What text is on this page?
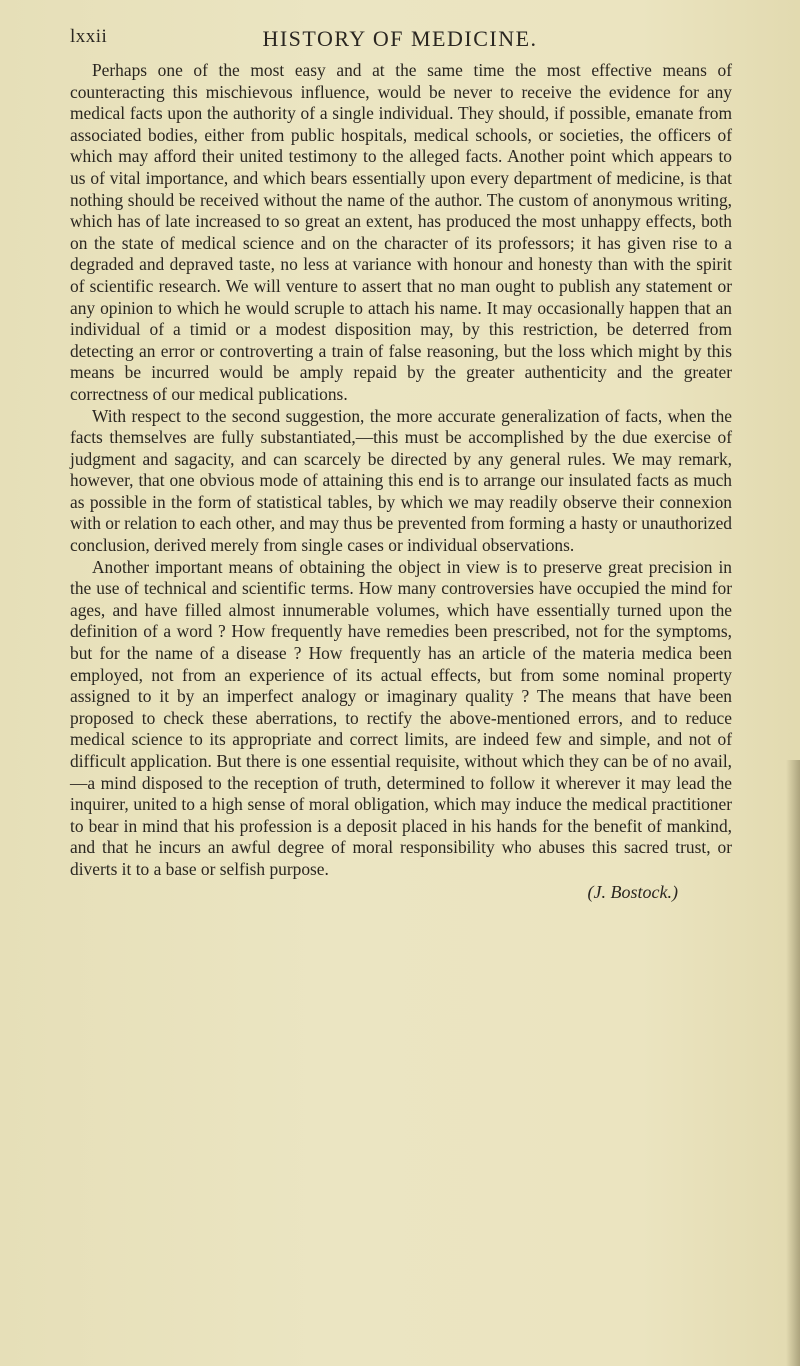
lxxii	HISTORY OF MEDICINE.

Perhaps one of the most easy and at the same time the most effective means of counteracting this mischievous influence, would be never to receive the evidence for any medical facts upon the authority of a single individual. They should, if possible, emanate from associated bodies, either from public hospitals, medical schools, or societies, the officers of which may afford their united testimony to the alleged facts. Another point which appears to us of vital importance, and which bears essentially upon every department of medicine, is that nothing should be received without the name of the author. The custom of anonymous writing, which has of late increased to so great an extent, has produced the most unhappy effects, both on the state of medical science and on the character of its professors; it has given rise to a degraded and depraved taste, no less at variance with honour and honesty than with the spirit of scientific research. We will venture to assert that no man ought to publish any statement or any opinion to which he would scruple to attach his name. It may occasionally happen that an individual of a timid or a modest disposition may, by this restriction, be deterred from detecting an error or controverting a train of false reasoning, but the loss which might by this means be incurred would be amply repaid by the greater authenticity and the greater correctness of our medical publications.

With respect to the second suggestion, the more accurate generalization of facts, when the facts themselves are fully substantiated,—this must be accomplished by the due exercise of judgment and sagacity, and can scarcely be directed by any general rules. We may remark, however, that one obvious mode of attaining this end is to arrange our insulated facts as much as possible in the form of statistical tables, by which we may readily observe their connexion with or relation to each other, and may thus be prevented from forming a hasty or unauthorized conclusion, derived merely from single cases or individual observations.

Another important means of obtaining the object in view is to preserve great precision in the use of technical and scientific terms. How many controversies have occupied the mind for ages, and have filled almost innumerable volumes, which have essentially turned upon the definition of a word ? How frequently have remedies been prescribed, not for the symptoms, but for the name of a disease ? How frequently has an article of the materia medica been employed, not from an experience of its actual effects, but from some nominal property assigned to it by an imperfect analogy or imaginary quality ? The means that have been proposed to check these aberrations, to rectify the above-mentioned errors, and to reduce medical science to its appropriate and correct limits, are indeed few and simple, and not of difficult application. But there is one essential requisite, without which they can be of no avail,—a mind disposed to the reception of truth, determined to follow it wherever it may lead the inquirer, united to a high sense of moral obligation, which may induce the medical practitioner to bear in mind that his profession is a deposit placed in his hands for the benefit of mankind, and that he incurs an awful degree of moral responsibility who abuses this sacred trust, or diverts it to a base or selfish purpose.

(J. Bostock.)
